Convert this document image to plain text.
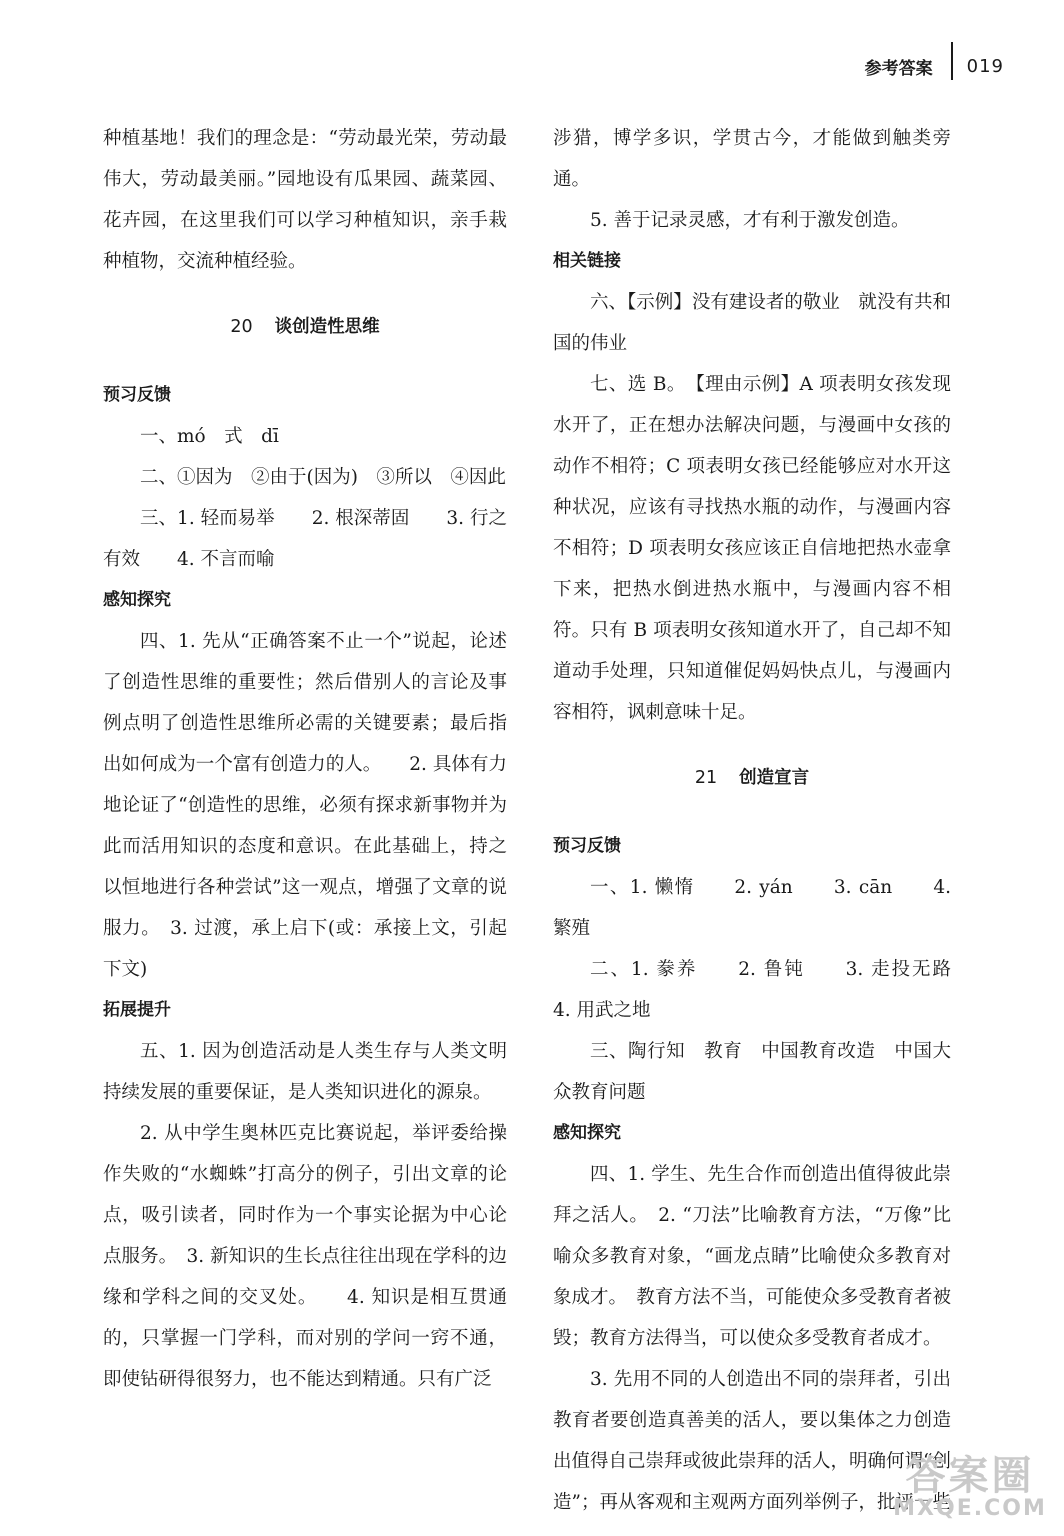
参考答案 019

种植基地！我们的理念是：“劳动最光荣，劳动最伟大，劳动最美丽。”园地设有瓜果园、蔬菜园、花卉园，在这里我们可以学习种植知识，亲手栽种植物，交流种植经验。

20 谈创造性思维

预习反馈

一、mó　式　dī

二、①因为　②由于(因为)　③所以　④因此

三、1. 轻而易举　　2. 根深蒂固　　3. 行之有效　　4. 不言而喻

感知探究

四、1. 先从“正确答案不止一个”说起，论述了创造性思维的重要性；然后借别人的言论及事例点明了创造性思维所必需的关键要素；最后指出如何成为一个富有创造力的人。　　2. 具体有力地论证了“创造性的思维，必须有探求新事物并为此而活用知识的态度和意识。在此基础上，持之以恒地进行各种尝试”这一观点，增强了文章的说服力。　3. 过渡，承上启下(或：承接上文，引起下文)

拓展提升

五、1. 因为创造活动是人类生存与人类文明持续发展的重要保证，是人类知识进化的源泉。

2. 从中学生奥林匹克比赛说起，举评委给操作失败的“水蜘蛛”打高分的例子，引出文章的论点，吸引读者，同时作为一个事实论据为中心论点服务。　3. 新知识的生长点往往出现在学科的边缘和学科之间的交叉处。　　4. 知识是相互贯通的，只掌握一门学科，而对别的学问一窍不通，即使钻研得很努力，也不能达到精通。只有广泛

涉猎，博学多识，学贯古今，才能做到触类旁通。

5. 善于记录灵感，才有利于激发创造。

相关链接

六、【示例】没有建设者的敬业　就没有共和国的伟业

七、选 B。　【理由示例】A 项表明女孩发现水开了，正在想办法解决问题，与漫画中女孩的动作不相符；C 项表明女孩已经能够应对水开这种状况，应该有寻找热水瓶的动作，与漫画内容不相符；D 项表明女孩应该正自信地把热水壶拿下来，把热水倒进热水瓶中，与漫画内容不相符。只有 B 项表明女孩知道水开了，自己却不知道动手处理，只知道催促妈妈快点儿，与漫画内容相符，讽刺意味十足。

21 创造宣言

预习反馈

一、1. 懒惰　　2. yán　　3. cān　　4. 繁殖

二、1. 豢养　　2. 鲁钝　　3. 走投无路　　4. 用武之地

三、陶行知　教育　中国教育改造　中国大众教育问题

感知探究

四、1. 学生、先生合作而创造出值得彼此崇拜之活人。　2. “刀法”比喻教育方法，“万像”比喻众多教育对象，“画龙点睛”比喻使众多教育对象成才。　教育方法不当，可能使众多受教育者被毁；教育方法得当，可以使众多受教育者成才。

3. 先用不同的人创造出不同的崇拜者，引出教育者要创造真善美的活人，要以集体之力创造出值得自己崇拜或彼此崇拜的活人，明确何谓“创造”；再从客观和主观两方面列举例子，批评一些

答案圈
MXQE.COM
